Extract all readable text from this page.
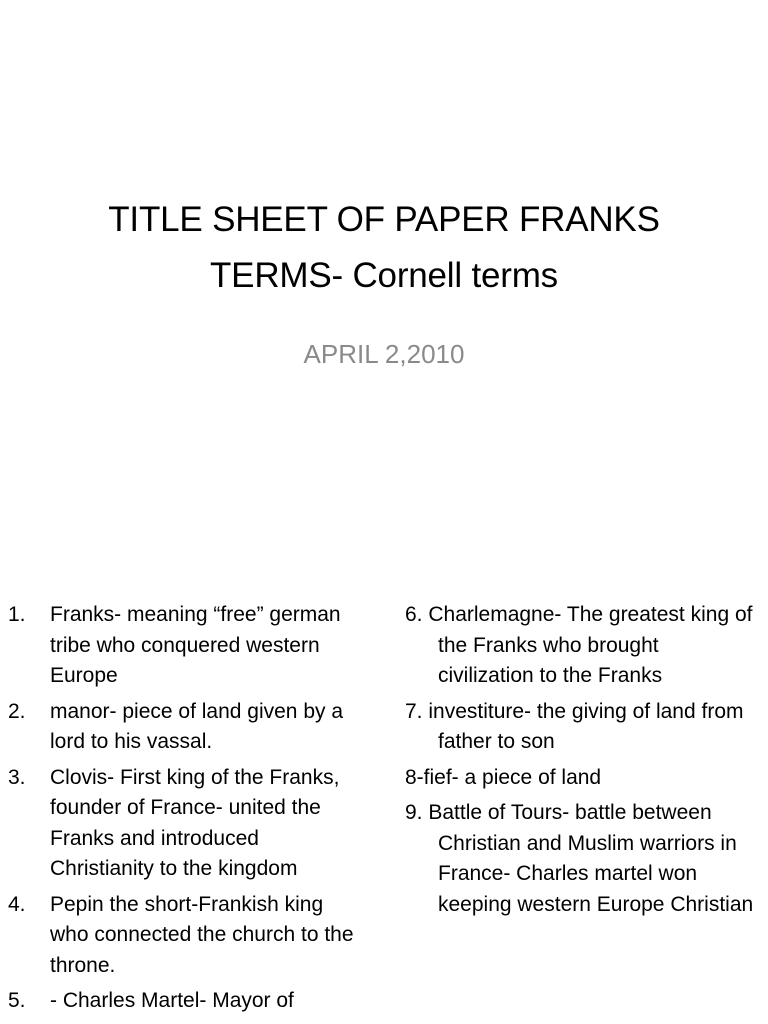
TITLE SHEET OF PAPER FRANKS
TERMS- Cornell terms
APRIL 2,2010
1. Franks- meaning “free” german tribe who conquered western Europe
2. manor- piece of land given by a lord to his vassal.
3. Clovis- First king of the Franks, founder of France- united the Franks and introduced Christianity to the kingdom
4. Pepin the short-Frankish king who connected the church to the throne.
5. - Charles Martel- Mayor of
6. Charlemagne- The greatest king of the Franks who brought civilization to the Franks
7. investiture- the giving of land from father to son
8-fief- a piece of land
9. Battle of Tours- battle between Christian and Muslim warriors in France- Charles martel won keeping western Europe Christian
